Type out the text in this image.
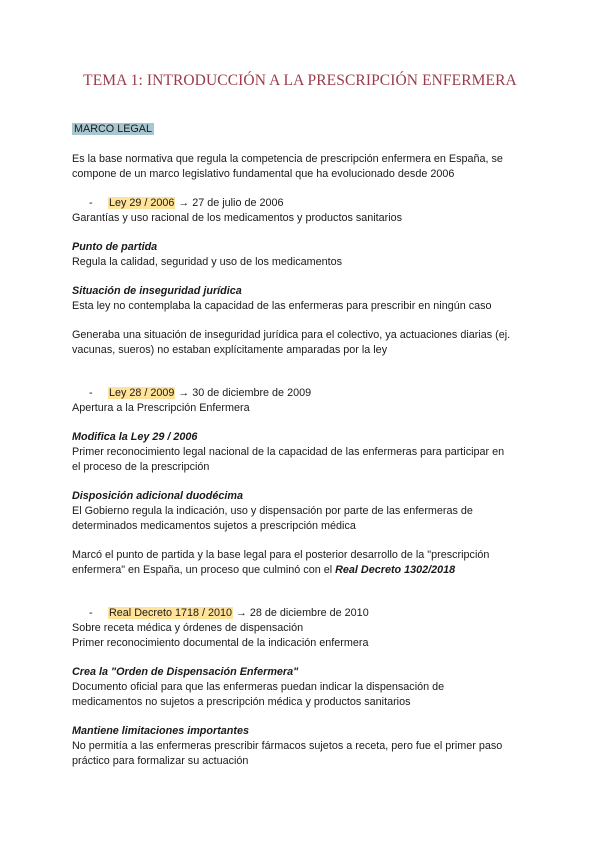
TEMA 1: INTRODUCCIÓN A LA PRESCRIPCIÓN ENFERMERA
MARCO LEGAL
Es la base normativa que regula la competencia de prescripción enfermera en España, se
compone de un marco legislativo fundamental que ha evolucionado desde 2006
- Ley 29 / 2006 → 27 de julio de 2006
Garantías y uso racional de los medicamentos y productos sanitarios
Punto de partida
Regula la calidad, seguridad y uso de los medicamentos
Situación de inseguridad jurídica
Esta ley no contemplaba la capacidad de las enfermeras para prescribir en ningún caso
Generaba una situación de inseguridad jurídica para el colectivo, ya actuaciones diarias (ej.
vacunas, sueros) no estaban explícitamente amparadas por la ley
- Ley 28 / 2009 → 30 de diciembre de 2009
Apertura a la Prescripción Enfermera
Modifica la Ley 29 / 2006
Primer reconocimiento legal nacional de la capacidad de las enfermeras para participar en
el proceso de la prescripción
Disposición adicional duodécima
El Gobierno regula la indicación, uso y dispensación por parte de las enfermeras de
determinados medicamentos sujetos a prescripción médica
Marcó el punto de partida y la base legal para el posterior desarrollo de la "prescripción
enfermera" en España, un proceso que culminó con el Real Decreto 1302/2018
- Real Decreto 1718 / 2010 → 28 de diciembre de 2010
Sobre receta médica y órdenes de dispensación
Primer reconocimiento documental de la indicación enfermera
Crea la "Orden de Dispensación Enfermera"
Documento oficial para que las enfermeras puedan indicar la dispensación de
medicamentos no sujetos a prescripción médica y productos sanitarios
Mantiene limitaciones importantes
No permitía a las enfermeras prescribir fármacos sujetos a receta, pero fue el primer paso
práctico para formalizar su actuación
